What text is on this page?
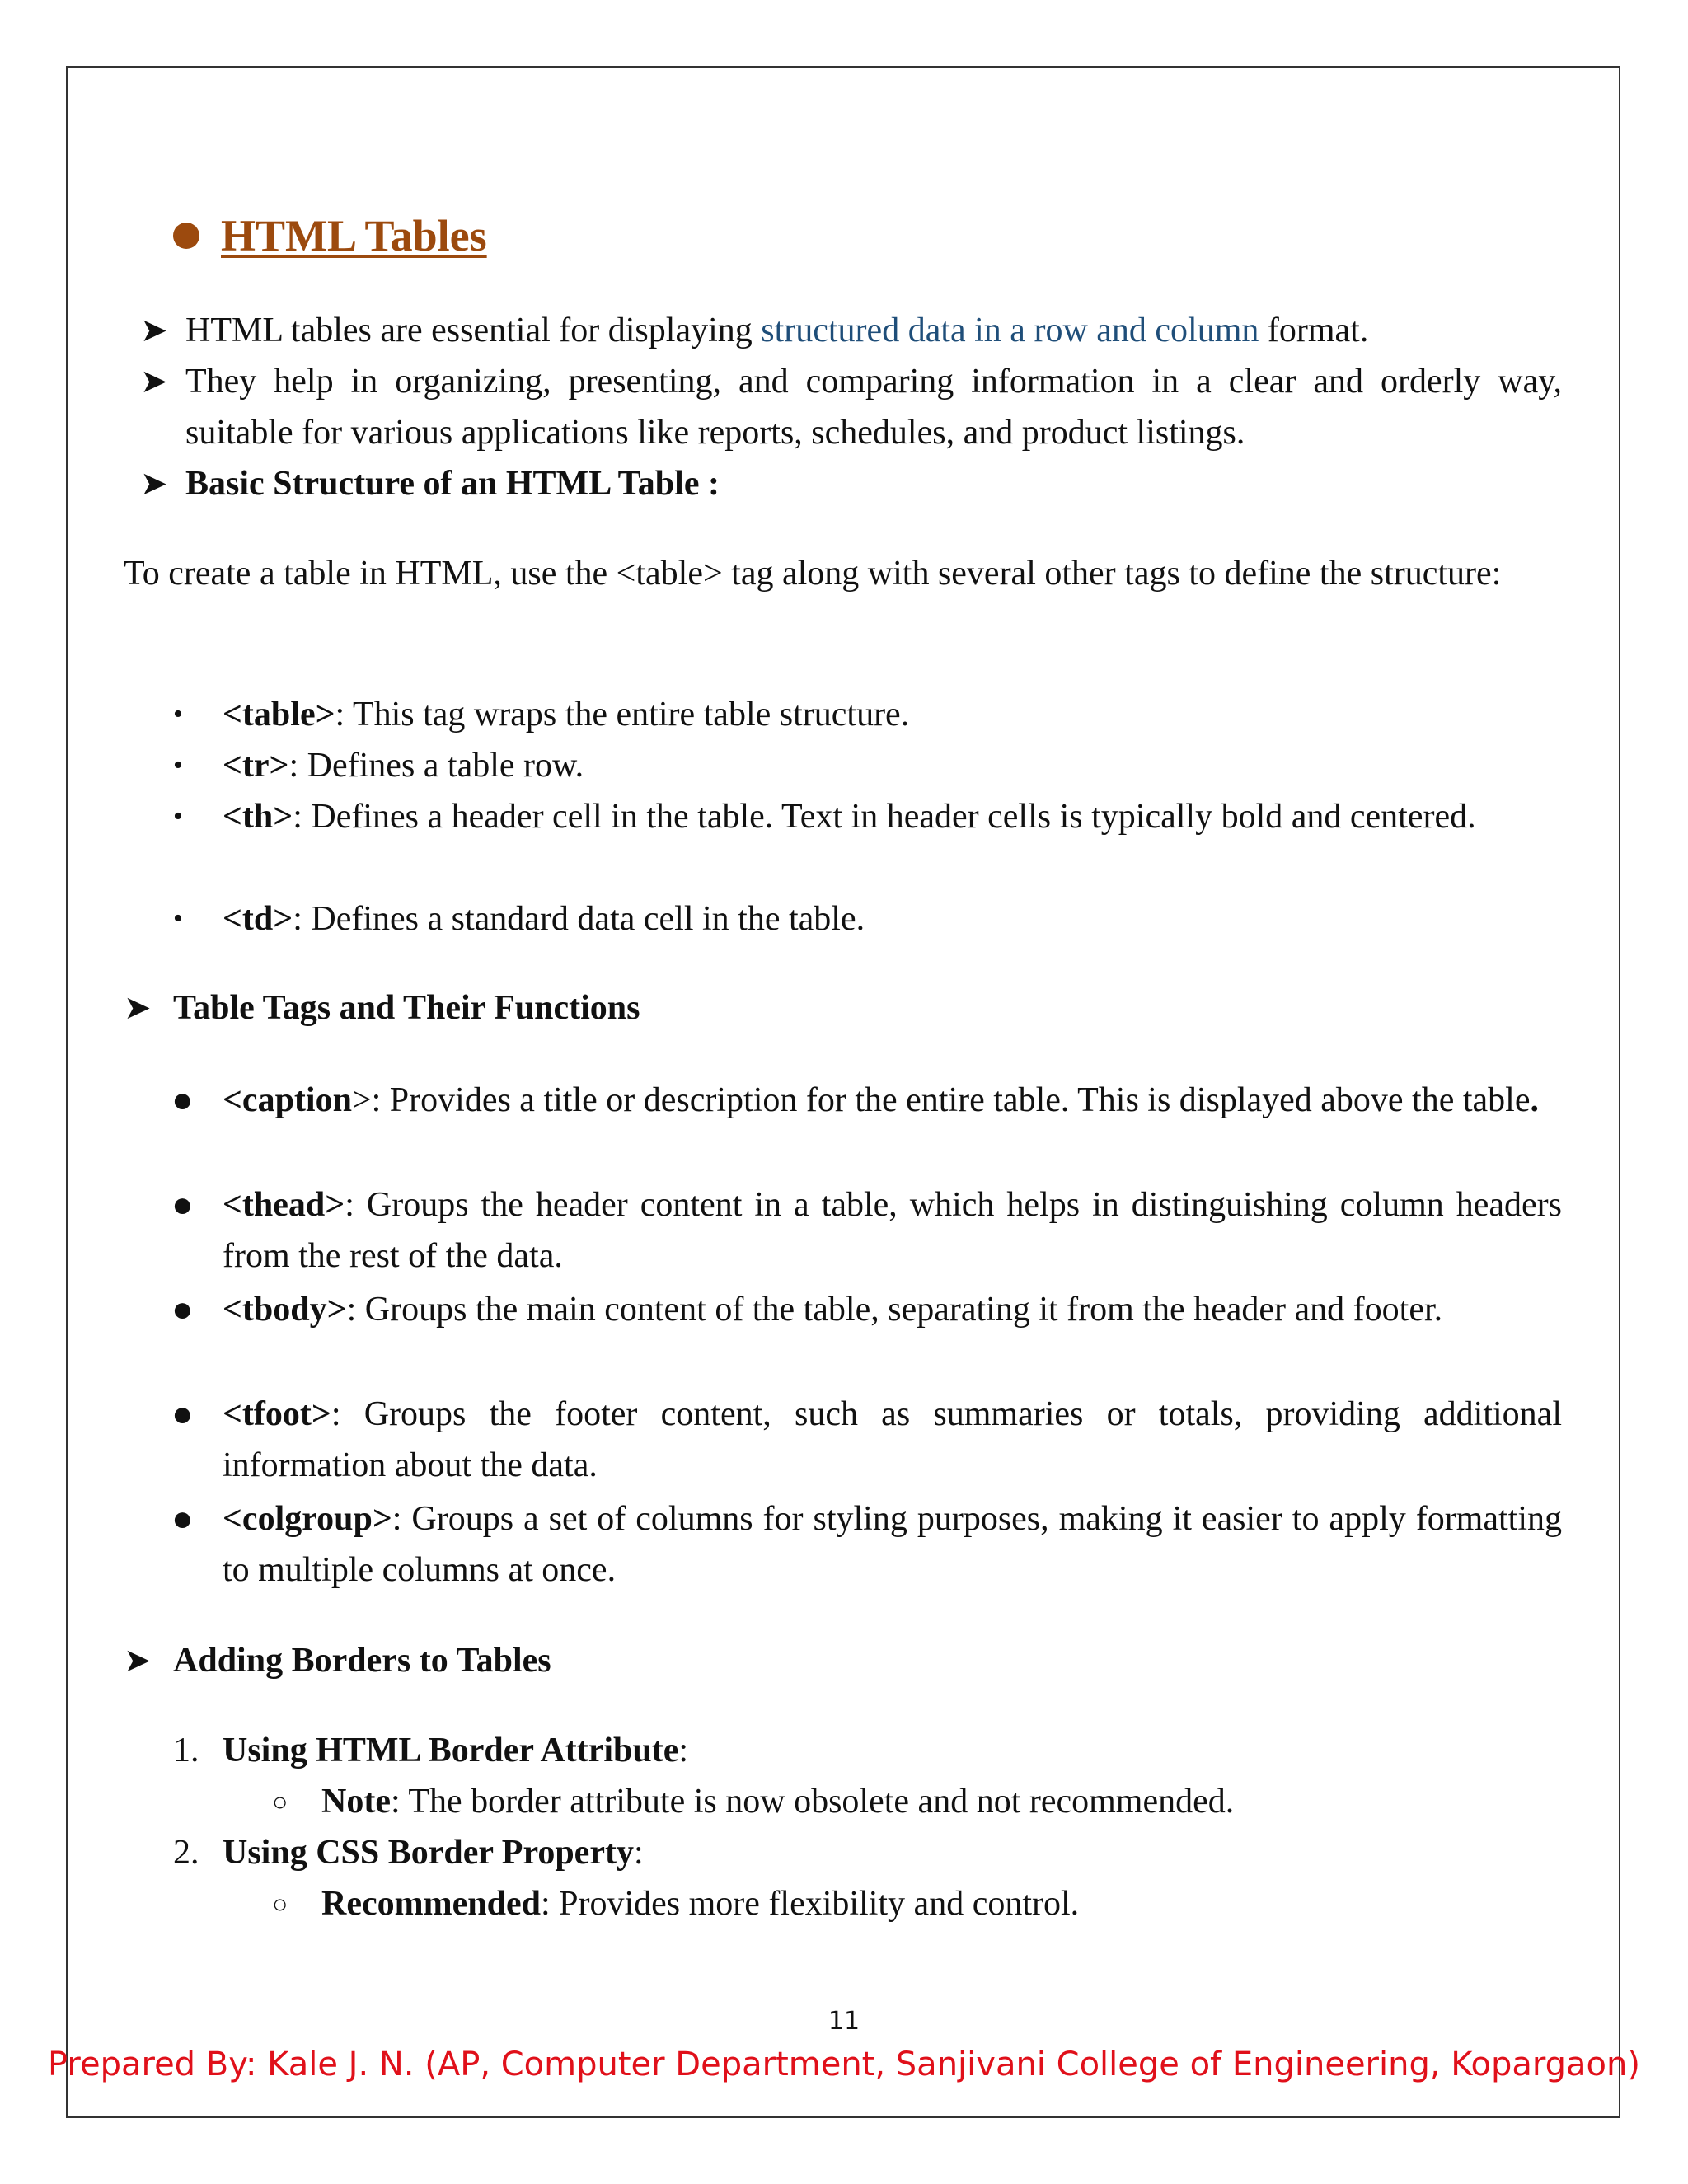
HTML Tables
➤ HTML tables are essential for displaying structured data in a row and column format.
➤ They help in organizing, presenting, and comparing information in a clear and orderly way, suitable for various applications like reports, schedules, and product listings.
➤ Basic Structure of an HTML Table :
To create a table in HTML, use the <table> tag along with several other tags to define the structure:
• <table>: This tag wraps the entire table structure.
• <tr>: Defines a table row.
• <th>: Defines a header cell in the table. Text in header cells is typically bold and centered.
• <td>: Defines a standard data cell in the table.
➤ Table Tags and Their Functions
● <caption>: Provides a title or description for the entire table. This is displayed above the table.
● <thead>: Groups the header content in a table, which helps in distinguishing column headers from the rest of the data.
● <tbody>: Groups the main content of the table, separating it from the header and footer.
● <tfoot>: Groups the footer content, such as summaries or totals, providing additional information about the data.
● <colgroup>: Groups a set of columns for styling purposes, making it easier to apply formatting to multiple columns at once.
➤ Adding Borders to Tables
1. Using HTML Border Attribute:
○ Note: The border attribute is now obsolete and not recommended.
2. Using CSS Border Property:
○ Recommended: Provides more flexibility and control.
11
Prepared By: Kale J. N. (AP, Computer Department, Sanjivani College of Engineering, Kopargaon)
